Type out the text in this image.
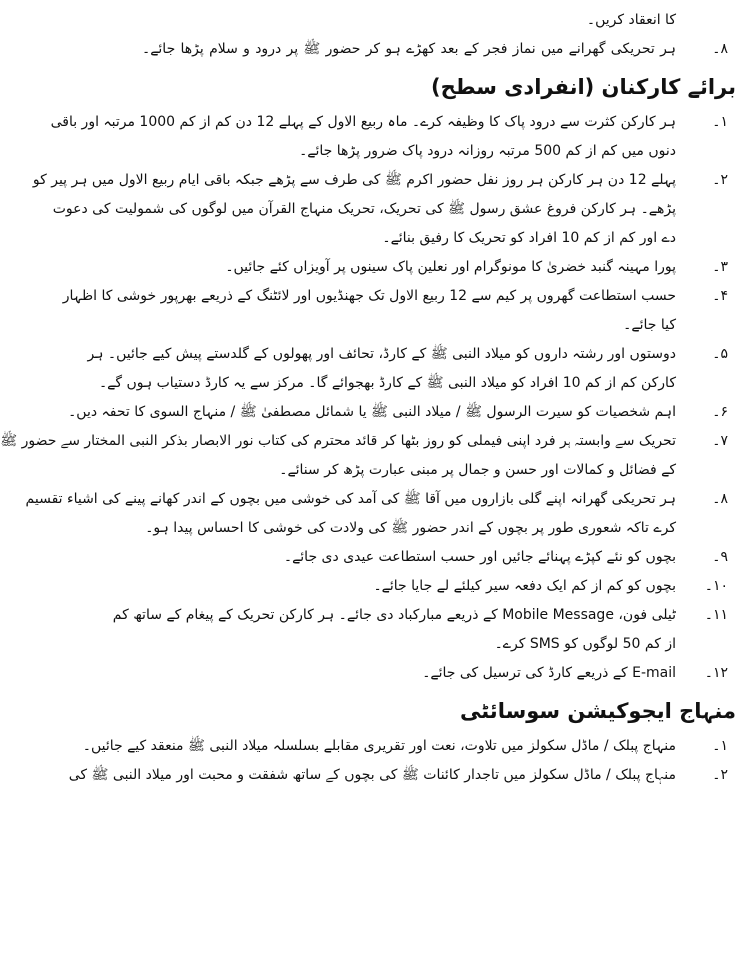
کا انعقاد کریں۔
۸۔
ہر تحریکی گھرانے میں نماز فجر کے بعد کھڑے ہو کر حضور ﷺ پر درود و سلام پڑھا جائے۔
برائے کارکنان (انفرادی سطح)
۱۔
ہر کارکن کثرت سے درود پاک کا وظیفہ کرے۔ ماہ ربیع الاول کے پہلے 12 دن کم از کم 1000 مرتبہ اور باقی
دنوں میں کم از کم 500 مرتبہ روزانہ درود پاک ضرور پڑھا جائے۔
۲۔
پہلے 12 دن ہر کارکن ہر روز نفل حضور اکرم ﷺ کی طرف سے پڑھے جبکہ باقی ایام ربیع الاول میں ہر پیر کو
پڑھے۔ ہر کارکن فروغ عشق رسول ﷺ کی تحریک، تحریک منہاج القرآن میں لوگوں کی شمولیت کی دعوت
دے اور کم از کم 10 افراد کو تحریک کا رفیق بنائے۔
۳۔
پورا مہینہ گنبد خضریٰ کا مونوگرام اور نعلین پاک سینوں پر آویزاں کئے جائیں۔
۴۔
حسب استطاعت گھروں پر کیم سے 12 ربیع الاول تک جھنڈیوں اور لائٹنگ کے ذریعے بھرپور خوشی کا اظہار
کیا جائے۔
۵۔
دوستوں اور رشتہ داروں کو میلاد النبی ﷺ کے کارڈ، تحائف اور پھولوں کے گلدستے پیش کیے جائیں۔ ہر
کارکن کم از کم 10 افراد کو میلاد النبی ﷺ کے کارڈ بھجوائے گا۔ مرکز سے یہ کارڈ دستیاب ہوں گے۔
۶۔
اہم شخصیات کو سیرت الرسول ﷺ / میلاد النبی ﷺ یا شمائل مصطفیٰ ﷺ / منہاج السوی کا تحفہ دیں۔
۷۔
تحریک سے وابستہ ہر فرد اپنی فیملی کو روز بٹھا کر قائد محترم کی کتاب نور الابصار بذکر النبی المختار سے حضور ﷺ
کے فضائل و کمالات اور حسن و جمال پر مبنی عبارت پڑھ کر سنائے۔
۸۔
ہر تحریکی گھرانہ اپنے گلی بازاروں میں آقا ﷺ کی آمد کی خوشی میں بچوں کے اندر کھانے پینے کی اشیاء تقسیم
کرے تاکہ شعوری طور پر بچوں کے اندر حضور ﷺ کی ولادت کی خوشی کا احساس پیدا ہو۔
۹۔
بچوں کو نئے کپڑے پہنائے جائیں اور حسب استطاعت عیدی دی جائے۔
۱۰۔
بچوں کو کم از کم ایک دفعہ سیر کیلئے لے جایا جائے۔
۱۱۔
ٹیلی فون، Mobile Message کے ذریعے مبارکباد دی جائے۔ ہر کارکن تحریک کے پیغام کے ساتھ کم
از کم 50 لوگوں کو SMS کرے۔
۱۲۔
E-mail کے ذریعے کارڈ کی ترسیل کی جائے۔
منہاج ایجوکیشن سوسائٹی
۱۔
منہاج پبلک / ماڈل سکولز میں تلاوت، نعت اور تقریری مقابلے بسلسلہ میلاد النبی ﷺ منعقد کیے جائیں۔
۲۔
منہاج پبلک / ماڈل سکولز میں تاجدار کائنات ﷺ کی بچوں کے ساتھ شفقت و محبت اور میلاد النبی ﷺ کی
